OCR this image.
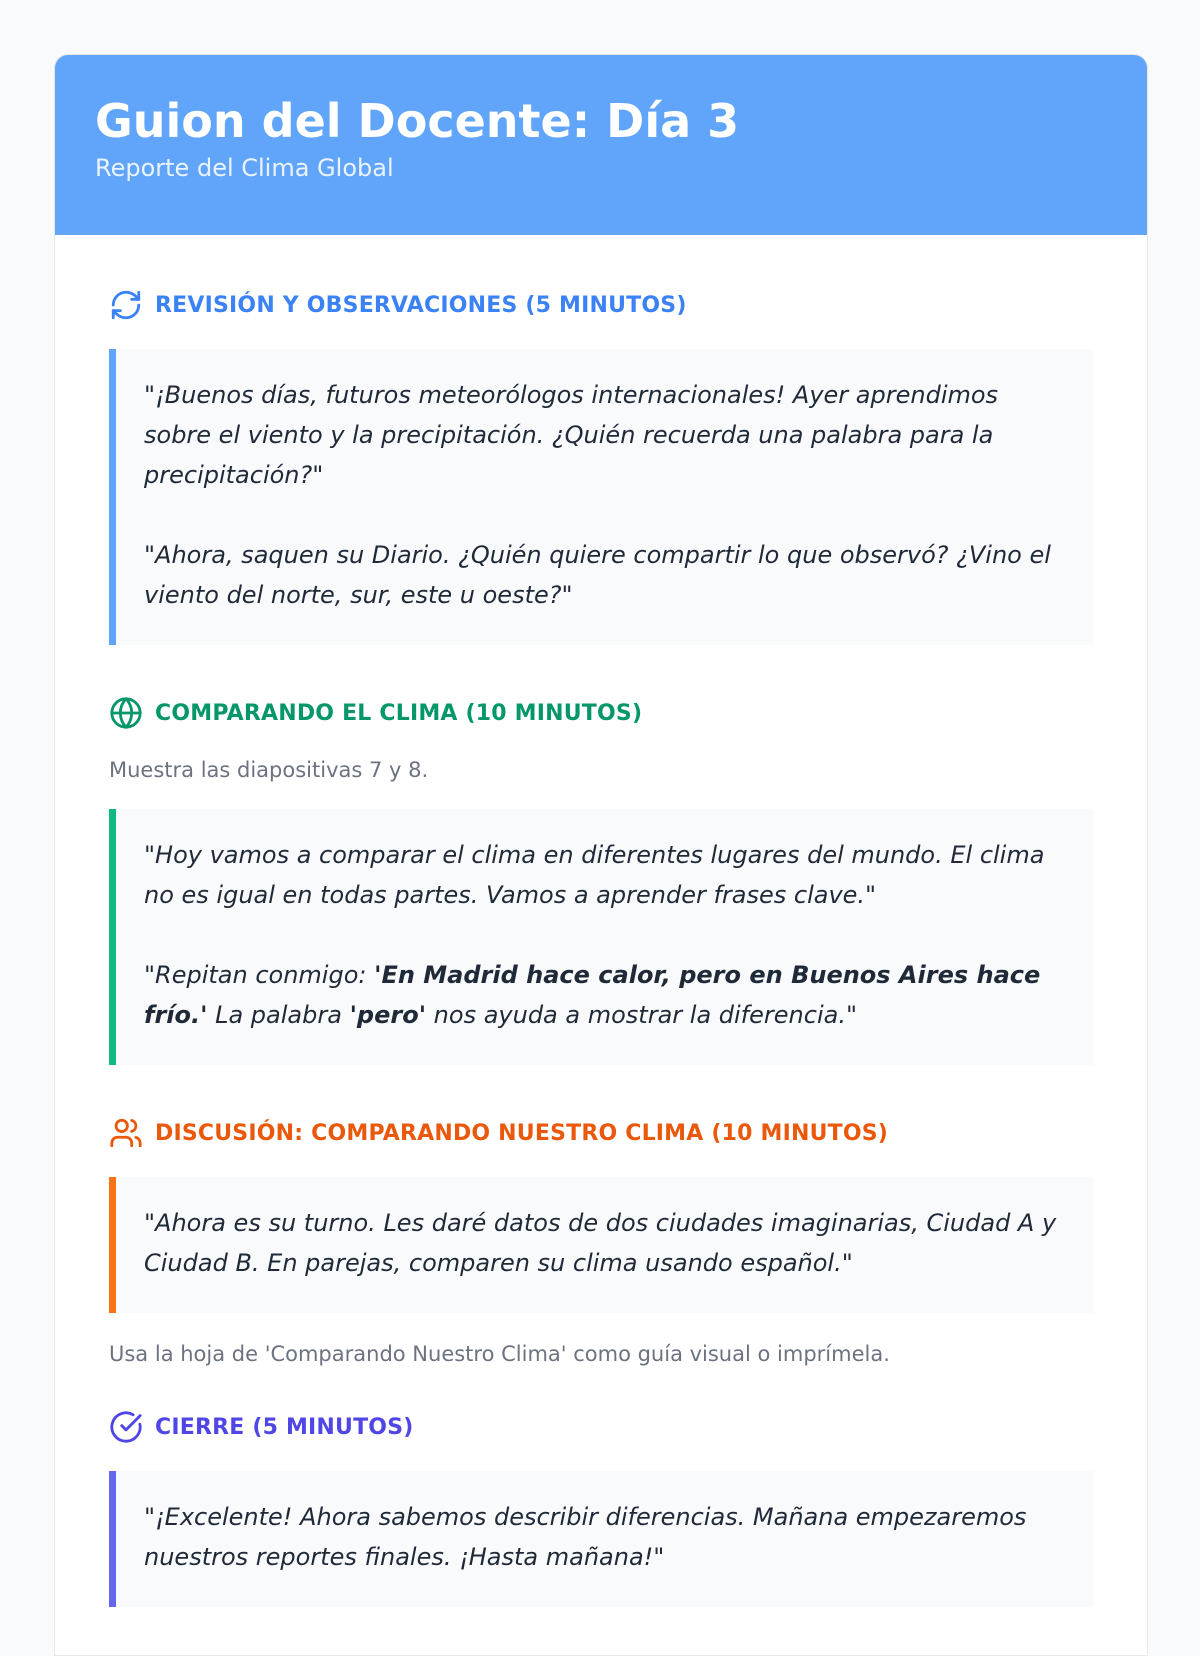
Guion del Docente: Día 3
Reporte del Clima Global
REVISIÓN Y OBSERVACIONES (5 MINUTOS)

"¡Buenos días, futuros meteorólogos internacionales! Ayer aprendimos sobre el viento y la precipitación. ¿Quién recuerda una palabra para la precipitación?"

"Ahora, saquen su Diario. ¿Quién quiere compartir lo que observó? ¿Vino el viento del norte, sur, este u oeste?"

COMPARANDO EL CLIMA (10 MINUTOS)
Muestra las diapositivas 7 y 8.

"Hoy vamos a comparar el clima en diferentes lugares del mundo. El clima no es igual en todas partes. Vamos a aprender frases clave."

"Repitan conmigo: 'En Madrid hace calor, pero en Buenos Aires hace frío.' La palabra 'pero' nos ayuda a mostrar la diferencia."

DISCUSIÓN: COMPARANDO NUESTRO CLIMA (10 MINUTOS)

"Ahora es su turno. Les daré datos de dos ciudades imaginarias, Ciudad A y Ciudad B. En parejas, comparen su clima usando español."

Usa la hoja de 'Comparando Nuestro Clima' como guía visual o imprímela.
CIERRE (5 MINUTOS)

"¡Excelente! Ahora sabemos describir diferencias. Mañana empezaremos nuestros reportes finales. ¡Hasta mañana!"
